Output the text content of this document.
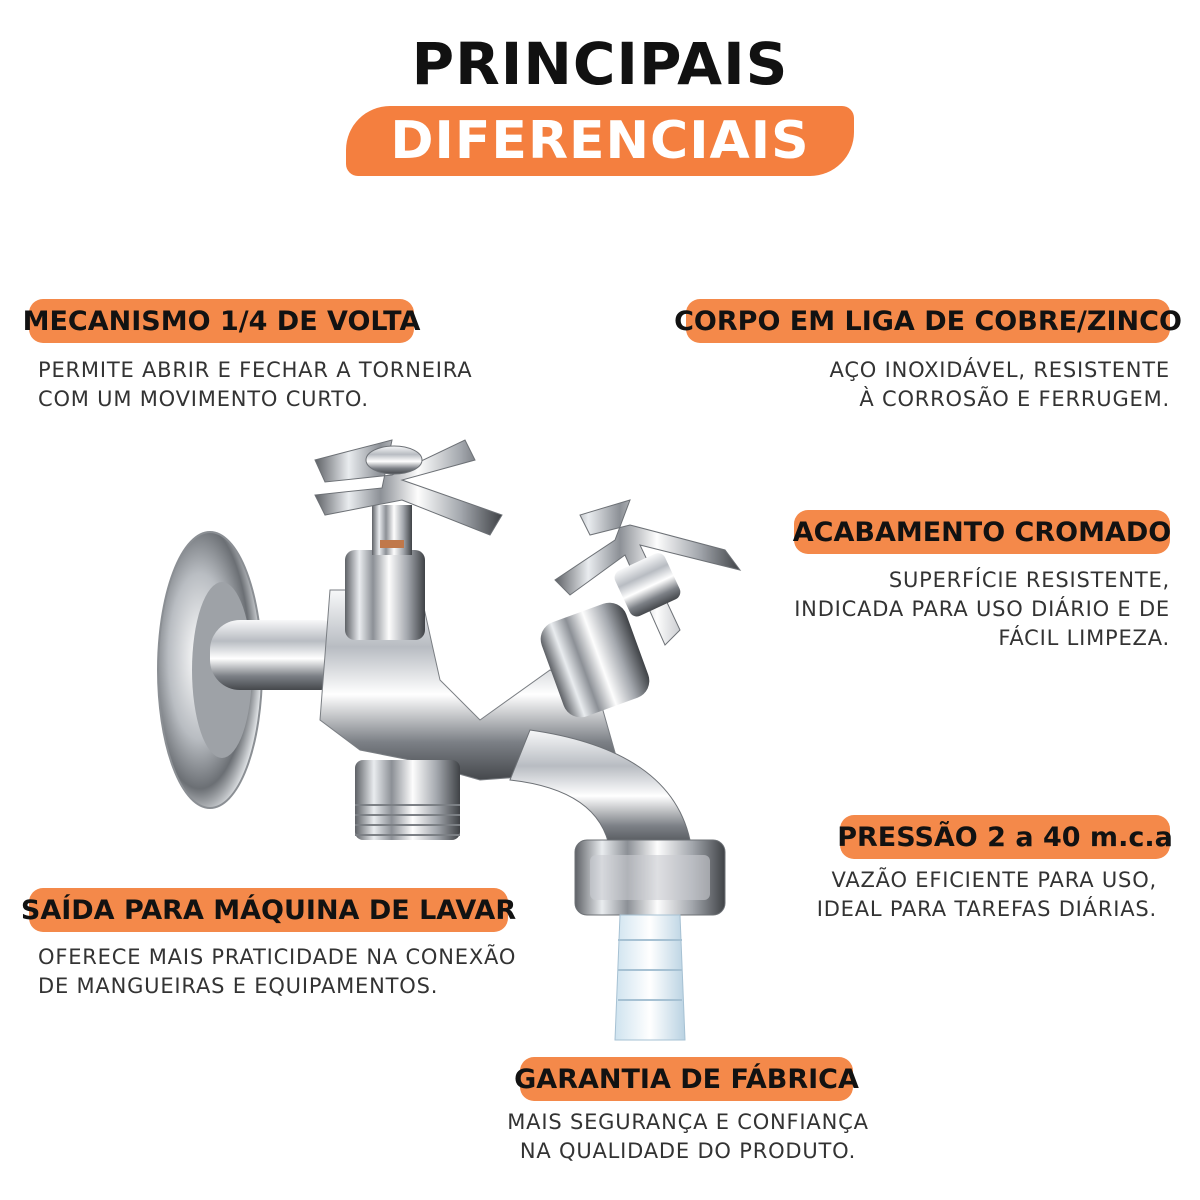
PRINCIPAIS
DIFERENCIAIS
MECANISMO 1/4 DE VOLTA
PERMITE ABRIR E FECHAR A TORNEIRA
COM UM MOVIMENTO CURTO.
CORPO EM LIGA DE COBRE/ZINCO
AÇO INOXIDÁVEL, RESISTENTE
À CORROSÃO E FERRUGEM.
ACABAMENTO CROMADO
SUPERFÍCIE RESISTENTE,
INDICADA PARA USO DIÁRIO E DE
FÁCIL LIMPEZA.
PRESSÃO 2 a 40 m.c.a
VAZÃO EFICIENTE PARA USO,
IDEAL PARA TAREFAS DIÁRIAS.
SAÍDA PARA MÁQUINA DE LAVAR
OFERECE MAIS PRATICIDADE NA CONEXÃO
DE MANGUEIRAS E EQUIPAMENTOS.
GARANTIA DE FÁBRICA
MAIS SEGURANÇA E CONFIANÇA
NA QUALIDADE DO PRODUTO.
